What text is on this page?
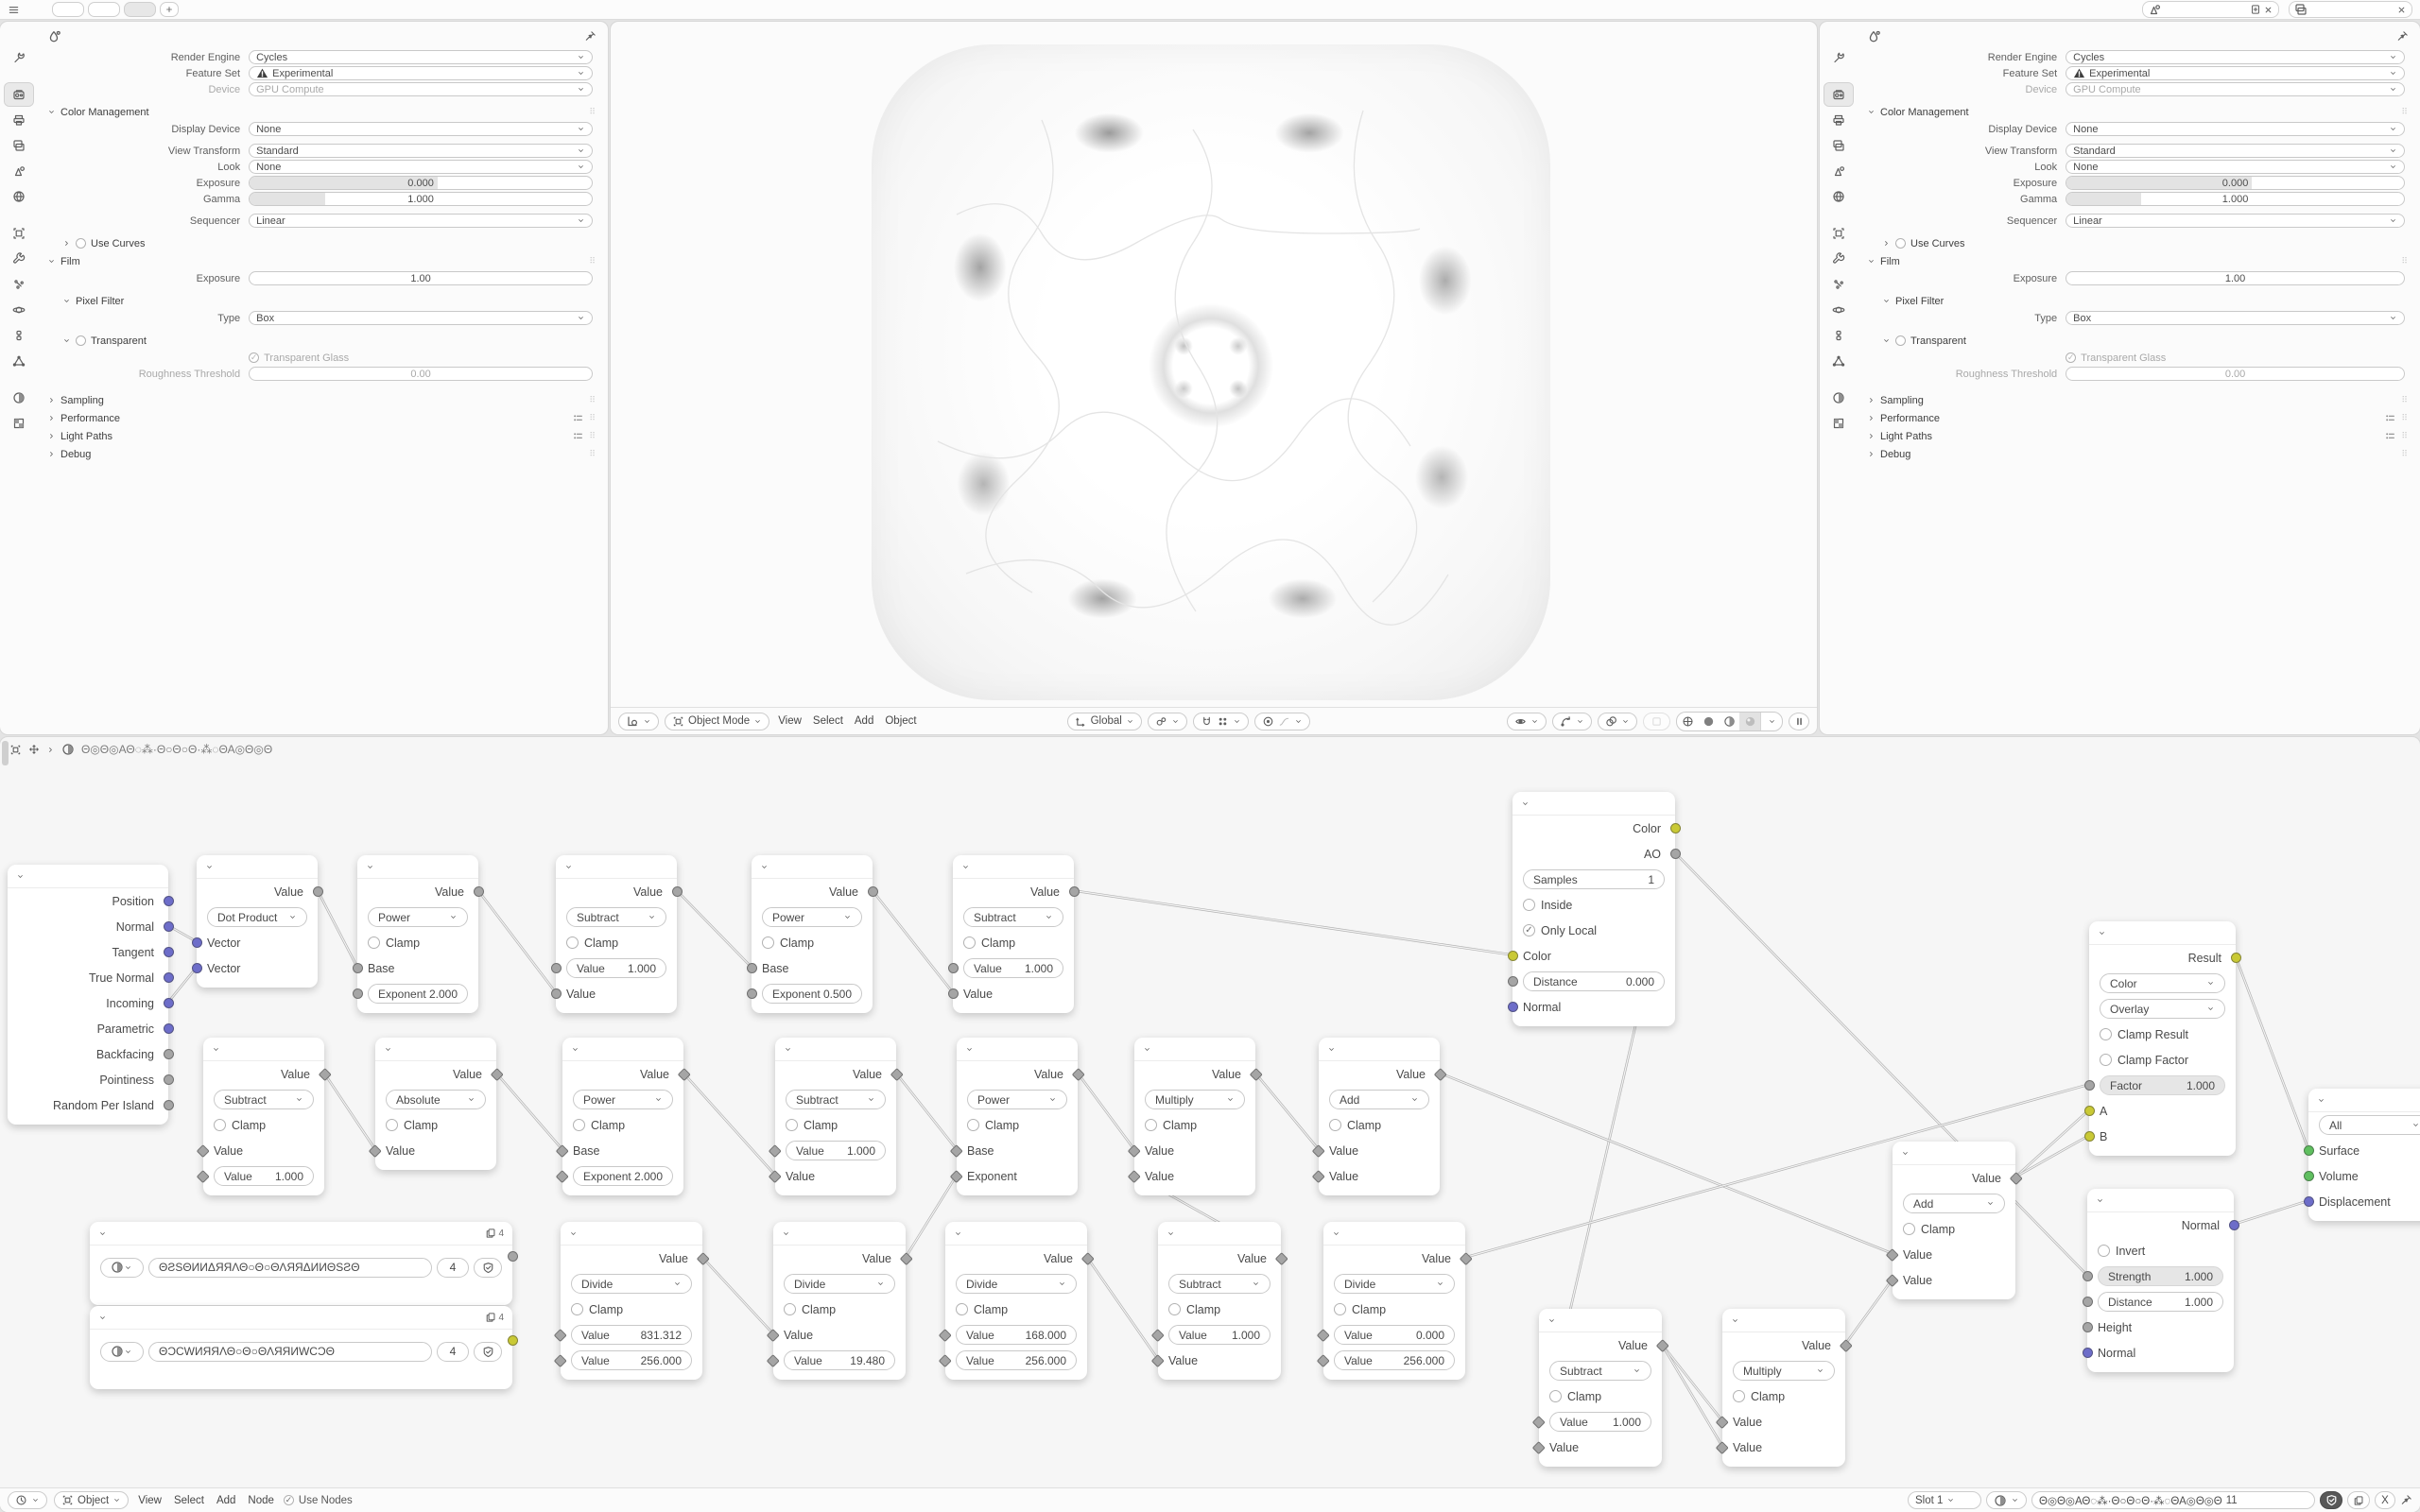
Render Engine	Cycles
Feature Set	Experimental
Device	GPU Compute
Color Management	⠿
Display Device	None
View Transform	Standard
Look	None
Exposure	0.000
Gamma	1.000
Sequencer	Linear
Use Curves
Film	⠿
Exposure	1.00
Pixel Filter
Type	Box
Transparent
✓ Transparent Glass
Roughness Threshold	0.00
Sampling	⠿
Performance	⠿
Light Paths	⠿
Debug	⠿
Object Mode	View Select Add Object	Global
Render Engine	Cycles
Feature Set	Experimental
Device	GPU Compute
Color Management	⠿
Display Device	None
View Transform	Standard
Look	None
Exposure	0.000
Gamma	1.000
Sequencer	Linear
Use Curves
Film	⠿
Exposure	1.00
Pixel Filter
Type	Box
Transparent
✓ Transparent Glass
Roughness Threshold	0.00
Sampling	⠿
Performance	⠿
Light Paths	⠿
Debug	⠿
Position
Normal
Tangent
True Normal
Incoming
Parametric
Backfacing
Pointiness
Random Per Island
Value
Dot Product
Vector
Vector
Value
Power
Clamp
Base
Exponent 2.000
Value
Subtract
Clamp
Value 1.000
Value
Value
Power
Clamp
Base
Exponent 0.500
Value
Subtract
Clamp
Value 1.000
Value
Color
AO
Samples	1
Inside
✓ Only Local
Color
Distance	0.000
Normal
Value
Subtract
Clamp
Value
Value 1.000
Value
Absolute
Clamp
Value
Value
Power
Clamp
Base
Exponent 2.000
Value
Subtract
Clamp
Value 1.000
Value
Value
Power
Clamp
Base
Exponent
Value
Multiply
Clamp
Value
Value
Value
Add
Clamp
Value
Value
4
ΘƧЅΘИИΔЯЯΛΘ○Θ○ΘΛЯЯΔИИΘЅƧΘ	4
4
ΘƆCWИЯЯΛΘ○Θ○ΘΛЯЯИWCƆΘ	4
Value
Divide
Clamp
Value	831.312
Value	256.000
Value
Divide
Clamp
Value
Value 19.480
Value
Divide
Clamp
Value	168.000
Value	256.000
Value
Subtract
Clamp
Value 1.000
Value
Value
Divide
Clamp
Value	0.000
Value	256.000
Value
Subtract
Clamp
Value 1.000
Value
Value
Multiply
Clamp
Value
Value
Value
Add
Clamp
Value
Value
Result
Color
Overlay
Clamp Result
Clamp Factor
Factor	1.000
A
B
Normal
Invert
Strength	1.000
Distance	1.000
Height
Normal
All
Surface
Volume
Displacement
Θ◎Θ◎ΑΘ◌⁂·Θ○Θ○Θ·⁂◌ΘΑ◎Θ◎Θ
Object	View Select Add Node	✓ Use Nodes	Slot 1	Θ◎Θ◎ΑΘ◌⁂·Θ○Θ○Θ·⁂◌ΘΑ◎Θ◎Θ 11	X
